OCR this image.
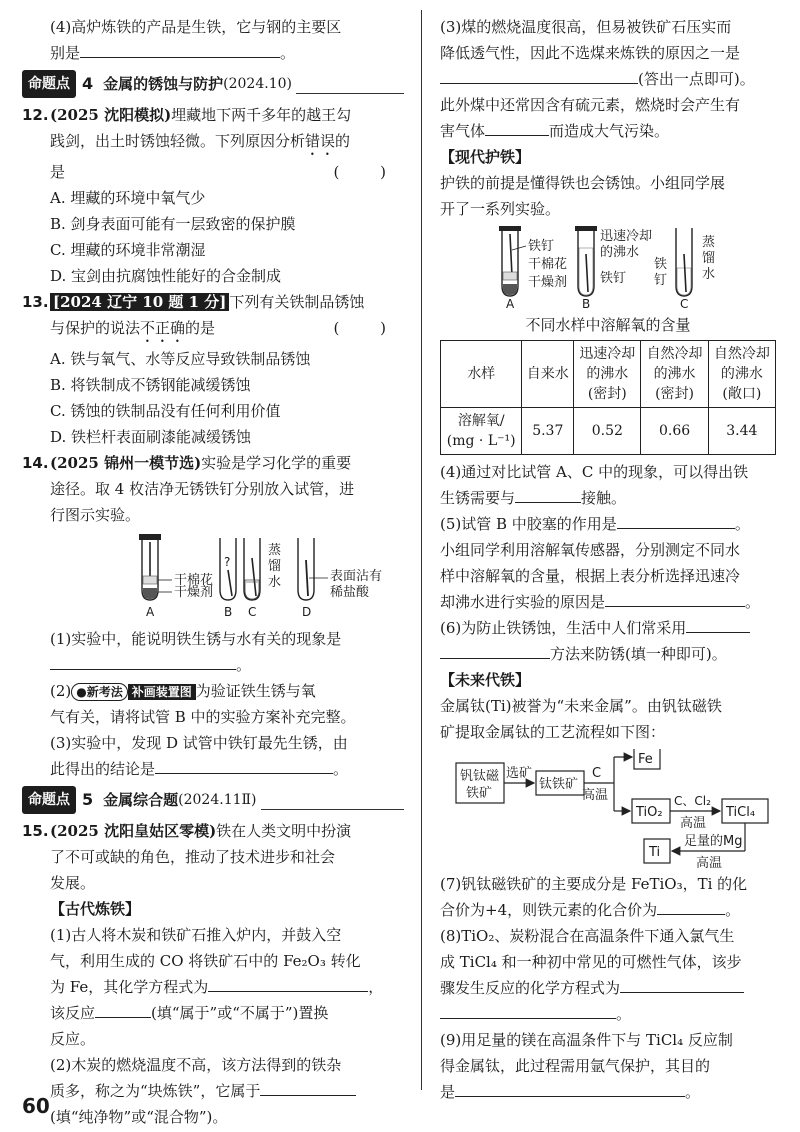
(4)高炉炼铁的产品是生铁，它与钢的主要区

别是	。

命题点 4 金属的锈蚀与防护 (2024.10)
12. (2025 沈阳模拟)埋藏地下两千多年的越王勾

践剑，出土时锈蚀轻微。下列原因分析错误的

是	( )

A. 埋藏的环境中氧气少

B. 剑身表面可能有一层致密的保护膜

C. 埋藏的环境非常潮湿

D. 宝剑由抗腐蚀性能好的合金制成

13. [2024 辽宁 10 题 1 分] 下列有关铁制品锈蚀

与保护的说法不正确的是	( )

A. 铁与氧气、水等反应导致铁制品锈蚀

B. 将铁制成不锈钢能减缓锈蚀

C. 锈蚀的铁制品没有任何利用价值

D. 铁栏杆表面刷漆能减缓锈蚀

14. (2025 锦州一模节选)实验是学习化学的重要

途径。取 4 枚洁净无锈铁钉分别放入试管，进

行图示实验。

干棉花
干燥剂
A
?
B
蒸
馏
水
C
表面沾有
稀盐酸
D

(1)实验中，能说明铁生锈与水有关的现象是

。

(2) ●新考法 补画装置图 为验证铁生锈与氧

气有关，请将试管 B 中的实验方案补充完整。

(3)实验中，发现 D 试管中铁钉最先生锈，由

此得出的结论是	。

命题点 5 金属综合题 (2024.11Ⅱ)
15. (2025 沈阳皇姑区零模)铁在人类文明中扮演

了不可或缺的角色，推动了技术进步和社会

发展。

【古代炼铁】

(1)古人将木炭和铁矿石推入炉内，并鼓入空

气，利用生成的 CO 将铁矿石中的 Fe₂O₃ 转化

为 Fe，其化学方程式为	，

该反应	(填“属于”或“不属于”)置换

反应。

(2)木炭的燃烧温度不高，该方法得到的铁杂

质多，称之为“块炼铁”，它属于

(填“纯净物”或“混合物”)。

(3)煤的燃烧温度很高，但易被铁矿石压实而

降低透气性，因此不选煤来炼铁的原因之一是

(答出一点即可)。

此外煤中还常因含有硫元素，燃烧时会产生有

害气体	而造成大气污染。

【现代护铁】

护铁的前提是懂得铁也会锈蚀。小组同学展

开了一系列实验。

铁钉
干棉花
干燥剂
A
迅速冷却
的沸水
铁钉
B
铁
钉
蒸
馏
水
C

不同水样中溶解氧的含量

水样	自来水	迅速冷却
的沸水
(密封)	自然冷却
的沸水
(密封)	自然冷却
的沸水
(敞口)
溶解氧/
(mg · L⁻¹)	5.37	0.52	0.66	3.44

(4)通过对比试管 A、C 中的现象，可以得出铁

生锈需要与	接触。

(5)试管 B 中胶塞的作用是	。

小组同学利用溶解氧传感器，分别测定不同水

样中溶解氧的含量，根据上表分析选择迅速冷

却沸水进行实验的原因是	。

(6)为防止铁锈蚀，生活中人们常采用

方法来防锈(填一种即可)。

【未来代铁】

金属钛(Ti)被誉为“未来金属”。由钒钛磁铁

矿提取金属钛的工艺流程如下图：

钒钛磁
铁矿
选矿
钛铁矿
C
高温
Fe
TiO₂
C、Cl₂
高温
TiCl₄
足量的Mg
高温
Ti

(7)钒钛磁铁矿的主要成分是 FeTiO₃，Ti 的化

合价为+4，则铁元素的化合价为	。

(8)TiO₂、炭粉混合在高温条件下通入氯气生

成 TiCl₄ 和一种初中常见的可燃性气体，该步

骤发生反应的化学方程式为

。

(9)用足量的镁在高温条件下与 TiCl₄ 反应制

得金属钛，此过程需用氩气保护，其目的

是	。

60
